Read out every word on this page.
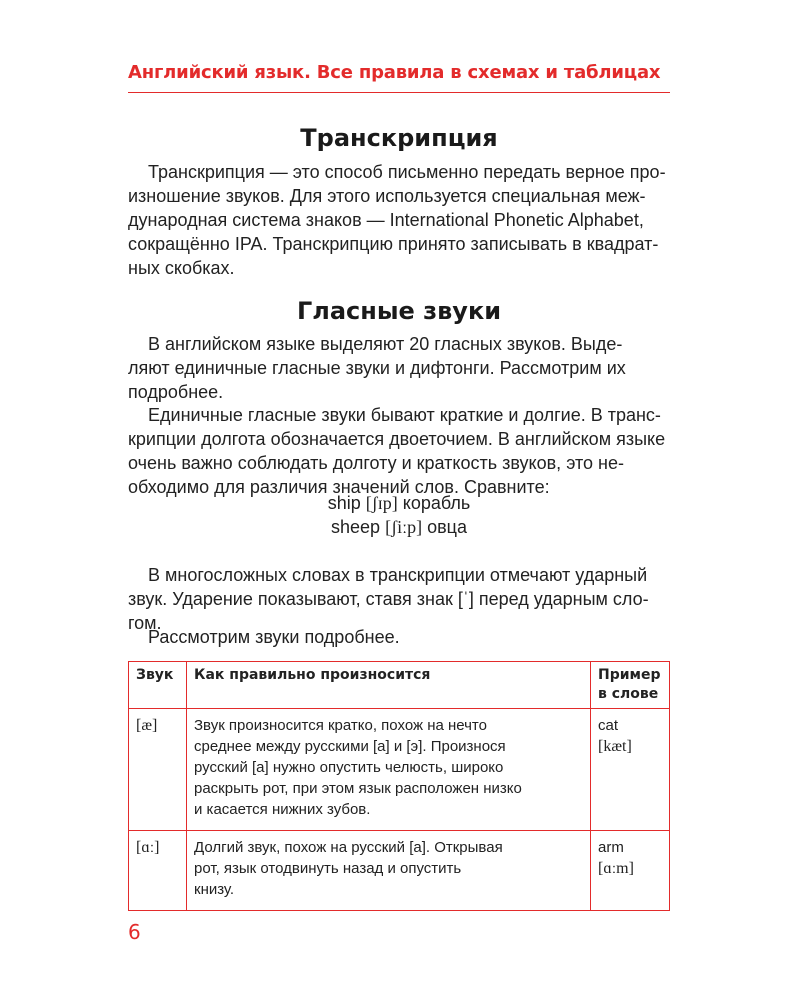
Английский язык. Все правила в схемах и таблицах
Транскрипция

Транскрипция — это способ письменно передать верное про-
изношение звуков. Для этого используется специальная меж-
дународная система знаков — International Phonetic Alphabet,
сокращённо IPA. Транскрипцию принято записывать в квадрат-
ных скобках.

Гласные звуки

В английском языке выделяют 20 гласных звуков. Выде-
ляют единичные гласные звуки и дифтонги. Рассмотрим их
подробнее.

Единичные гласные звуки бывают краткие и долгие. В транс-
крипции долгота обозначается двоеточием. В английском языке
очень важно соблюдать долготу и краткость звуков, это не-
обходимо для различия значений слов. Сравните:

ship [ʃɪp] корабль
sheep [ʃiːp] овца

В многосложных словах в транскрипции отмечают ударный
звук. Ударение показывают, ставя знак [ˈ] перед ударным сло-
гом.

Рассмотрим звуки подробнее.

Звук	Как правильно произносится	Пример в слове
[æ]	Звук произносится кратко, похож на нечто
среднее между русскими [а] и [э]. Произнося
русский [а] нужно опустить челюсть, широко
раскрыть рот, при этом язык расположен низко
и касается нижних зубов.	cat
[kæt]

[ɑː]	Долгий звук, похож на русский [а]. Открывая
рот, язык отодвинуть назад и опустить
книзу.	arm
[ɑːm]
6
